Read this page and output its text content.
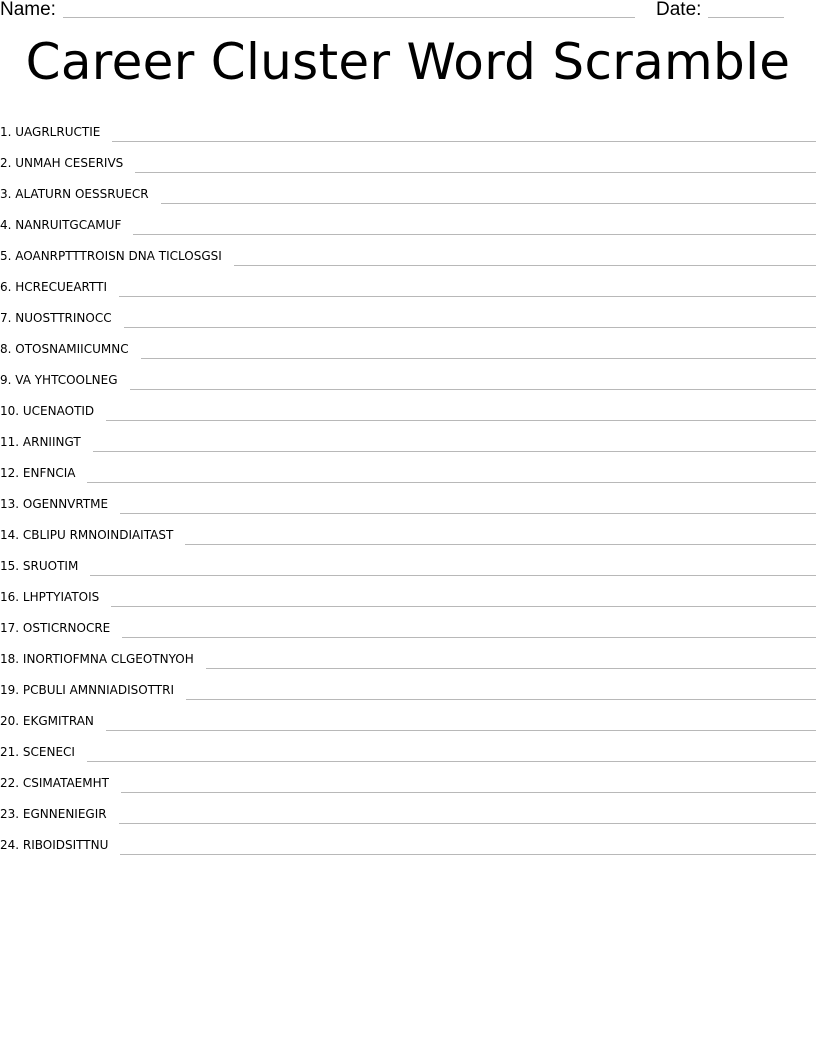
Name:	Date:
Career Cluster Word Scramble
1. UAGRLRUCTIE
2. UNMAH CESERIVS
3. ALATURN OESSRUECR
4. NANRUITGCAMUF
5. AOANRPTTTROISN DNA TICLOSGSI
6. HCRECUEARTTI
7. NUOSTTRINOCC
8. OTOSNAMIICUMNC
9. VA YHTCOOLNEG
10. UCENAOTID
11. ARNIINGT
12. ENFNCIA
13. OGENNVRTME
14. CBLIPU RMNOINDIAITAST
15. SRUOTIM
16. LHPTYIATOIS
17. OSTICRNOCRE
18. INORTIOFMNA CLGEOTNYOH
19. PCBULI AMNNIADISOTTRI
20. EKGMITRAN
21. SCENECI
22. CSIMATAEMHT
23. EGNNENIEGIR
24. RIBOIDSITTNU
